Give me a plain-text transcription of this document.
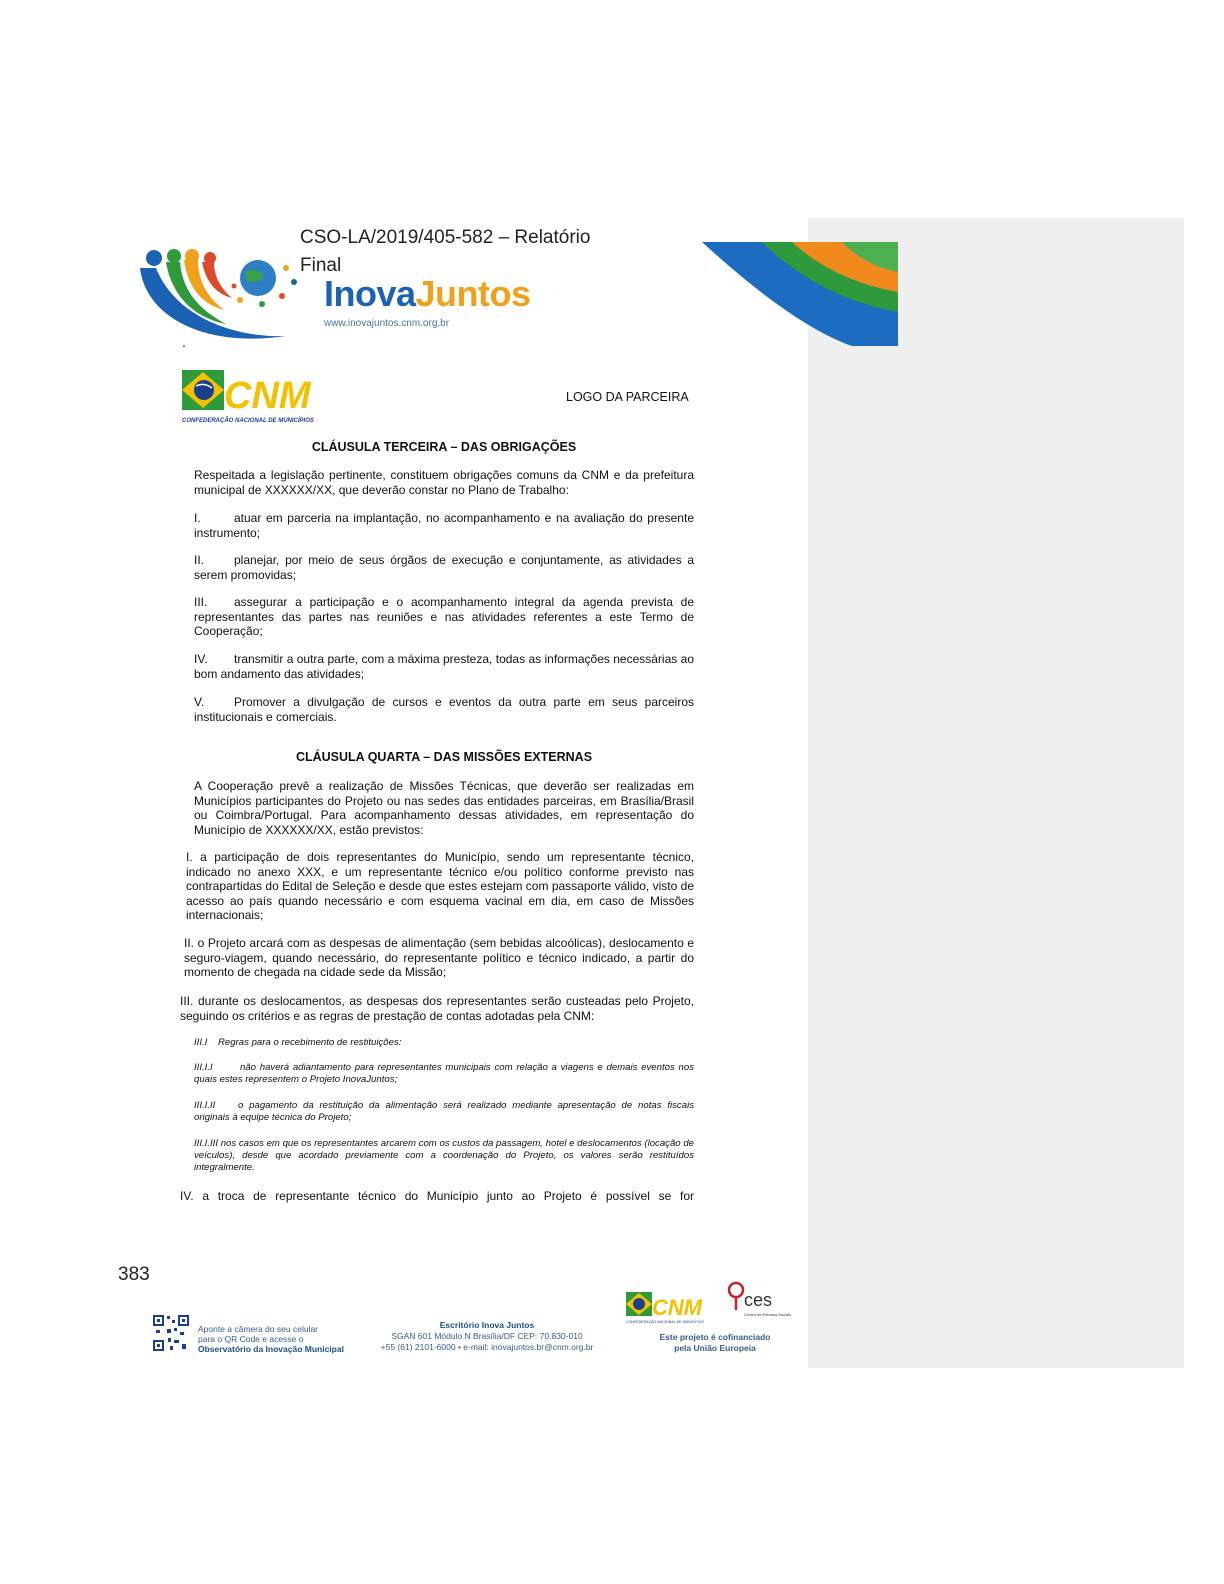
CSO-LA/2019/405-582 – Relatório Final
InovaJuntos
www.inovajuntos.cnm.org.br
.
CNM
CONFEDERAÇÃO NACIONAL DE MUNICÍPIOS
LOGO DA PARCEIRA
CLÁUSULA TERCEIRA – DAS OBRIGAÇÕES
Respeitada a legislação pertinente, constituem obrigações comuns da CNM e da prefeitura municipal de XXXXXX/XX, que deverão constar no Plano de Trabalho:
I.	atuar em parceria na implantação, no acompanhamento e na avaliação do presente instrumento;
II. planejar, por meio de seus órgãos de execução e conjuntamente, as atividades a serem promovidas;
III. assegurar a participação e o acompanhamento integral da agenda prevista de representantes das partes nas reuniões e nas atividades referentes a este Termo de Cooperação;
IV. transmitir a outra parte, com a máxima presteza, todas as informações necessárias ao bom andamento das atividades;
V. Promover a divulgação de cursos e eventos da outra parte em seus parceiros institucionais e comerciais.
CLÁUSULA QUARTA – DAS MISSÕES EXTERNAS
A Cooperação prevê a realização de Missões Técnicas, que deverão ser realizadas em Municípios participantes do Projeto ou nas sedes das entidades parceiras, em Brasília/Brasil ou Coimbra/Portugal. Para acompanhamento dessas atividades, em representação do Município de XXXXXX/XX, estão previstos:
I. a participação de dois representantes do Município, sendo um representante técnico, indicado no anexo XXX, e um representante técnico e/ou político conforme previsto nas contrapartidas do Edital de Seleção e desde que estes estejam com passaporte válido, visto de acesso ao país quando necessário e com esquema vacinal em dia, em caso de Missões internacionais;
II. o Projeto arcará com as despesas de alimentação (sem bebidas alcoólicas), deslocamento e seguro-viagem, quando necessário, do representante político e técnico indicado, a partir do momento de chegada na cidade sede da Missão;
III. durante os deslocamentos, as despesas dos representantes serão custeadas pelo Projeto, seguindo os critérios e as regras de prestação de contas adotadas pela CNM:
III.I Regras para o recebimento de restituições:
III.I.I	não haverá adiantamento para representantes municipais com relação a viagens e demais eventos nos quais estes representem o Projeto InovaJuntos;
III.I.II o pagamento da restituição da alimentação será realizado mediante apresentação de notas fiscais originais à equipe técnica do Projeto;
III.I.III nos casos em que os representantes arcarem com os custos da passagem, hotel e deslocamentos (locação de veículos), desde que acordado previamente com a coordenação do Projeto, os valores serão restituídos integralmente.
IV. a troca de representante técnico do Município junto ao Projeto é possível se for
383
Aponte a câmera do seu celular
para o QR Code e acesse o
Observatório da Inovação Municipal
Escritório Inova Juntos
SGAN 601 Módulo N Brasília/DF CEP: 70.830-010
+55 (61) 2101-6000 • e-mail: inovajuntos.br@cnm.org.br
CNM
CONFEDERAÇÃO NACIONAL DE MUNICÍPIOS
ces
Centro de Estudos Sociais
Este projeto é cofinanciado
pela União Europeia
